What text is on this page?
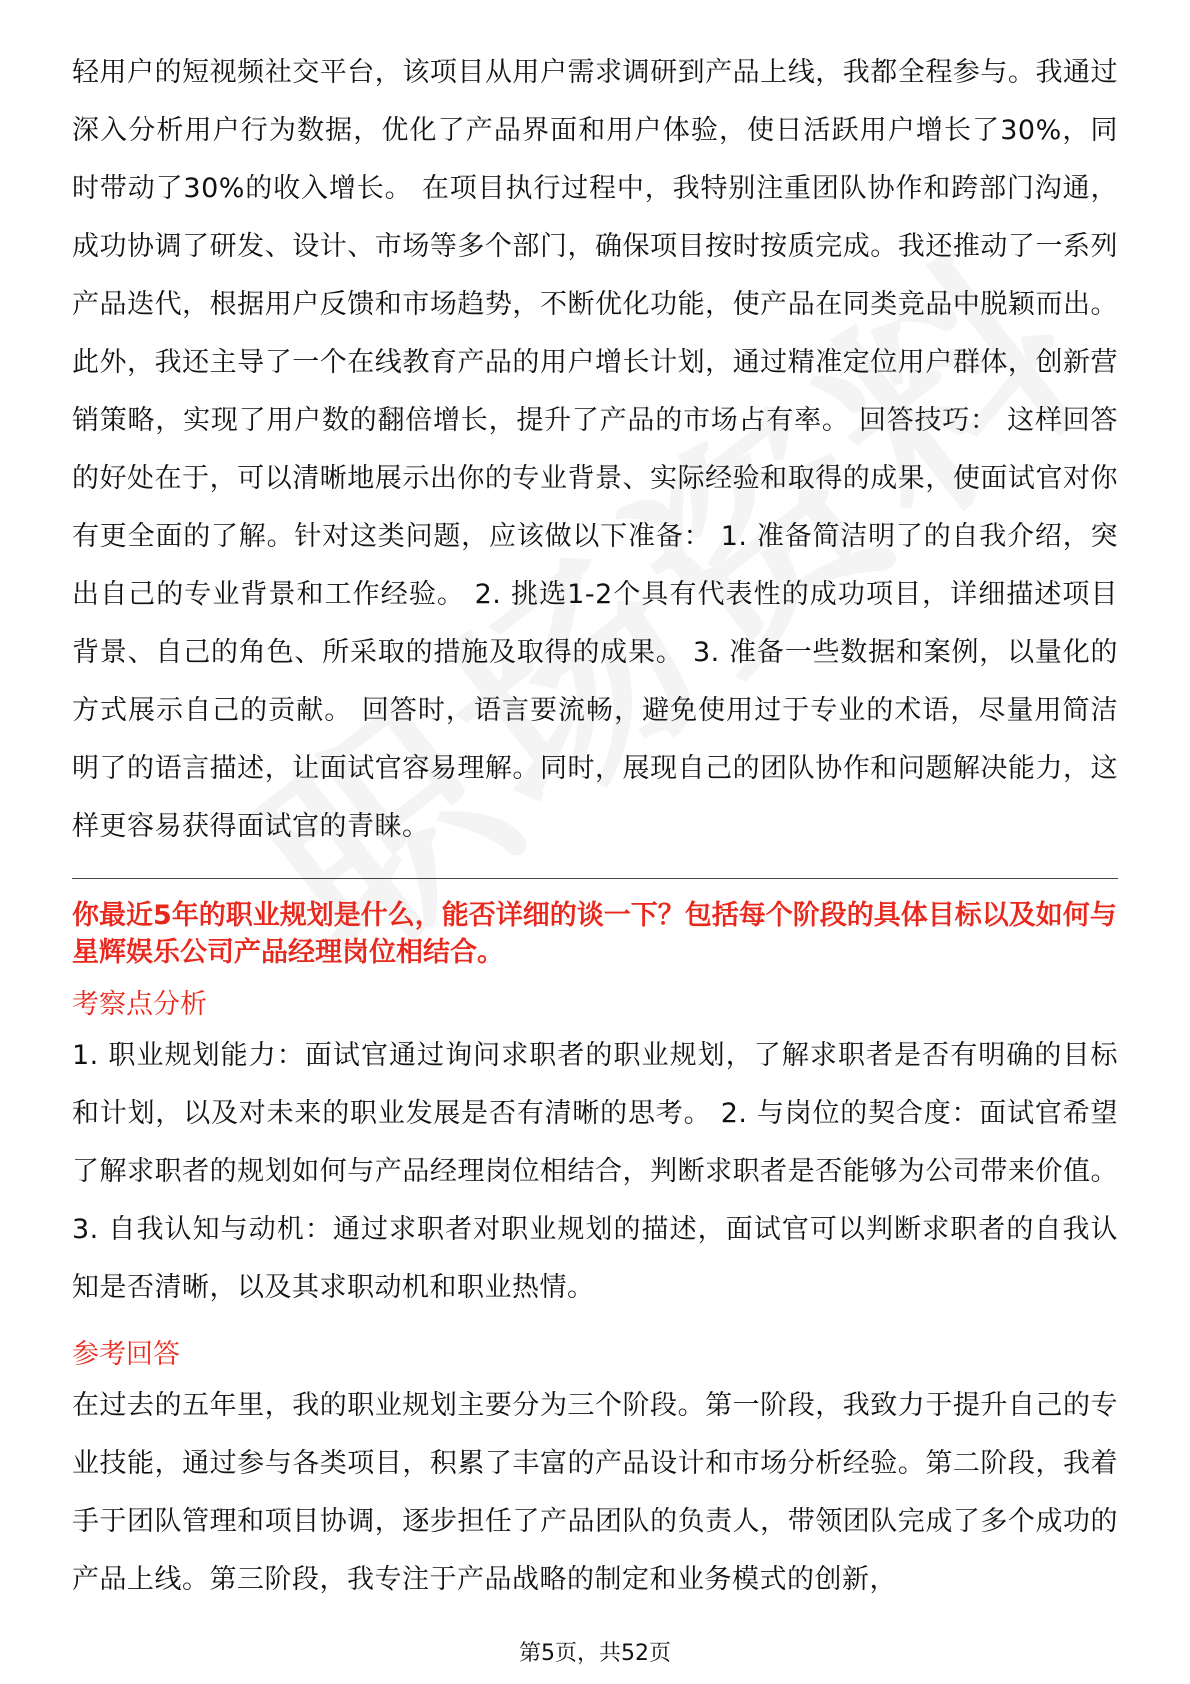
轻用户的短视频社交平台，该项目从用户需求调研到产品上线，我都全程参与。我通过深入分析用户行为数据，优化了产品界面和用户体验，使日活跃用户增长了30%，同时带动了30%的收入增长。 在项目执行过程中，我特别注重团队协作和跨部门沟通，成功协调了研发、设计、市场等多个部门，确保项目按时按质完成。我还推动了一系列产品迭代，根据用户反馈和市场趋势，不断优化功能，使产品在同类竞品中脱颖而出。 此外，我还主导了一个在线教育产品的用户增长计划，通过精准定位用户群体，创新营销策略，实现了用户数的翻倍增长，提升了产品的市场占有率。 回答技巧： 这样回答的好处在于，可以清晰地展示出你的专业背景、实际经验和取得的成果，使面试官对你有更全面的了解。针对这类问题，应该做以下准备： 1. 准备简洁明了的自我介绍，突出自己的专业背景和工作经验。 2. 挑选1-2个具有代表性的成功项目，详细描述项目背景、自己的角色、所采取的措施及取得的成果。 3. 准备一些数据和案例，以量化的方式展示自己的贡献。 回答时，语言要流畅，避免使用过于专业的术语，尽量用简洁明了的语言描述，让面试官容易理解。同时，展现自己的团队协作和问题解决能力，这样更容易获得面试官的青睐。

你最近5年的职业规划是什么，能否详细的谈一下？包括每个阶段的具体目标以及如何与星辉娱乐公司产品经理岗位相结合。

考察点分析

1. 职业规划能力：面试官通过询问求职者的职业规划，了解求职者是否有明确的目标和计划，以及对未来的职业发展是否有清晰的思考。 2. 与岗位的契合度：面试官希望了解求职者的规划如何与产品经理岗位相结合，判断求职者是否能够为公司带来价值。 3. 自我认知与动机：通过求职者对职业规划的描述，面试官可以判断求职者的自我认知是否清晰，以及其求职动机和职业热情。

参考回答

在过去的五年里，我的职业规划主要分为三个阶段。第一阶段，我致力于提升自己的专业技能，通过参与各类项目，积累了丰富的产品设计和市场分析经验。第二阶段，我着手于团队管理和项目协调，逐步担任了产品团队的负责人，带领团队完成了多个成功的产品上线。第三阶段，我专注于产品战略的制定和业务模式的创新，

第5页，共52页
